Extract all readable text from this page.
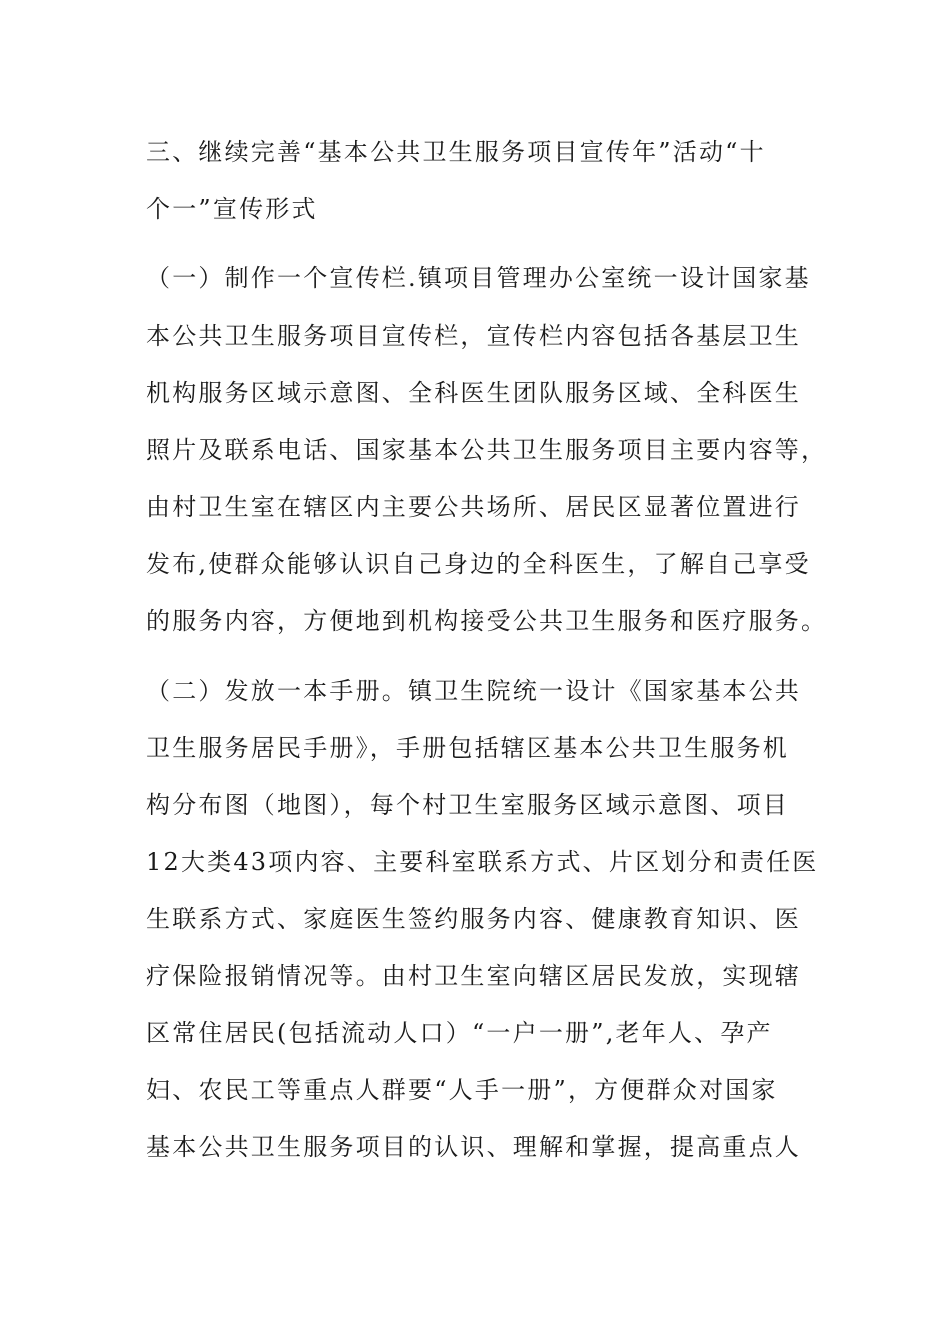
三、继续完善“基本公共卫生服务项目宣传年”活动“十
个一”宣传形式
（一）制作一个宣传栏.镇项目管理办公室统一设计国家基
本公共卫生服务项目宣传栏，宣传栏内容包括各基层卫生
机构服务区域示意图、全科医生团队服务区域、全科医生
照片及联系电话、国家基本公共卫生服务项目主要内容等，
由村卫生室在辖区内主要公共场所、居民区显著位置进行
发布,使群众能够认识自己身边的全科医生，了解自己享受
的服务内容，方便地到机构接受公共卫生服务和医疗服务。
（二）发放一本手册。镇卫生院统一设计《国家基本公共
卫生服务居民手册》，手册包括辖区基本公共卫生服务机
构分布图（地图），每个村卫生室服务区域示意图、项目
12大类43项内容、主要科室联系方式、片区划分和责任医
生联系方式、家庭医生签约服务内容、健康教育知识、医
疗保险报销情况等。由村卫生室向辖区居民发放，实现辖
区常住居民(包括流动人口）“一户一册”,老年人、孕产
妇、农民工等重点人群要“人手一册”，方便群众对国家
基本公共卫生服务项目的认识、理解和掌握，提高重点人
